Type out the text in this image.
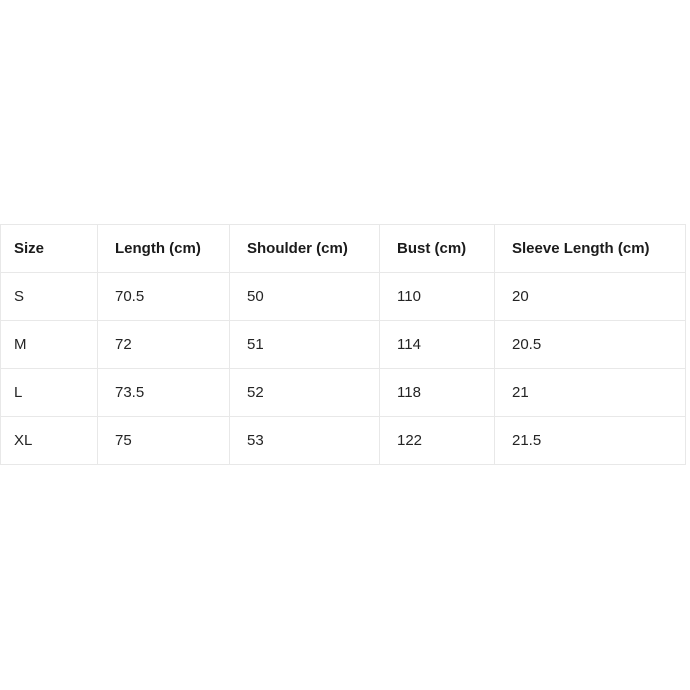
Size	Length (cm)	Shoulder (cm)	Bust (cm)	Sleeve Length (cm)
S	70.5	50	110	20
M	72	51	114	20.5
L	73.5	52	118	21
XL	75	53	122	21.5
